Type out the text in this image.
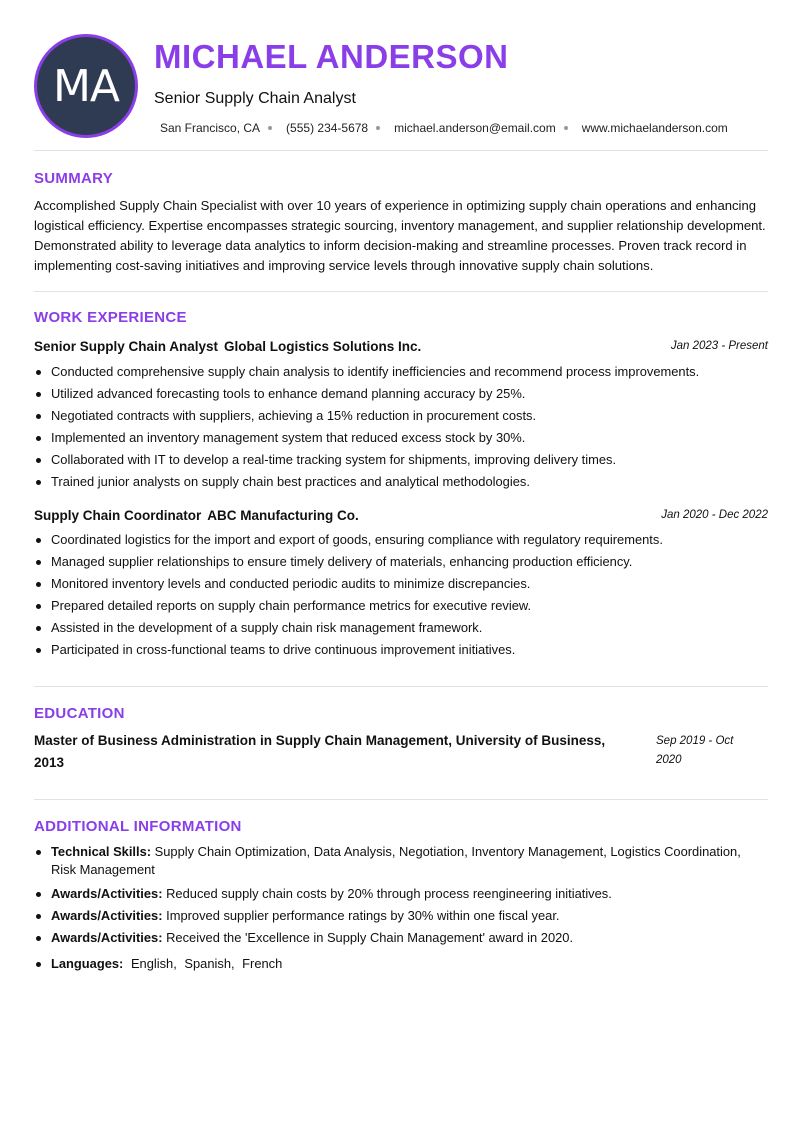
MA
MICHAEL ANDERSON
Senior Supply Chain Analyst
San Francisco, CA (555) 234-5678 michael.anderson@email.com www.michaelanderson.com
SUMMARY
Accomplished Supply Chain Specialist with over 10 years of experience in optimizing supply chain operations and enhancing logistical efficiency. Expertise encompasses strategic sourcing, inventory management, and supplier relationship development. Demonstrated ability to leverage data analytics to inform decision-making and streamline processes. Proven track record in implementing cost-saving initiatives and improving service levels through innovative supply chain solutions.
WORK EXPERIENCE
Senior Supply Chain Analyst Global Logistics Solutions Inc.	Jan 2023 - Present
Conducted comprehensive supply chain analysis to identify inefficiencies and recommend process improvements.
Utilized advanced forecasting tools to enhance demand planning accuracy by 25%.
Negotiated contracts with suppliers, achieving a 15% reduction in procurement costs.
Implemented an inventory management system that reduced excess stock by 30%.
Collaborated with IT to develop a real-time tracking system for shipments, improving delivery times.
Trained junior analysts on supply chain best practices and analytical methodologies.
Supply Chain Coordinator ABC Manufacturing Co.	Jan 2020 - Dec 2022
Coordinated logistics for the import and export of goods, ensuring compliance with regulatory requirements.
Managed supplier relationships to ensure timely delivery of materials, enhancing production efficiency.
Monitored inventory levels and conducted periodic audits to minimize discrepancies.
Prepared detailed reports on supply chain performance metrics for executive review.
Assisted in the development of a supply chain risk management framework.
Participated in cross-functional teams to drive continuous improvement initiatives.
EDUCATION
Master of Business Administration in Supply Chain Management, University of Business, 2013
Sep 2019 - Oct 2020
ADDITIONAL INFORMATION
Technical Skills: Supply Chain Optimization, Data Analysis, Negotiation, Inventory Management, Logistics Coordination, Risk Management
Awards/Activities: Reduced supply chain costs by 20% through process reengineering initiatives.
Awards/Activities: Improved supplier performance ratings by 30% within one fiscal year.
Awards/Activities: Received the 'Excellence in Supply Chain Management' award in 2020.
Languages: English, Spanish, French
